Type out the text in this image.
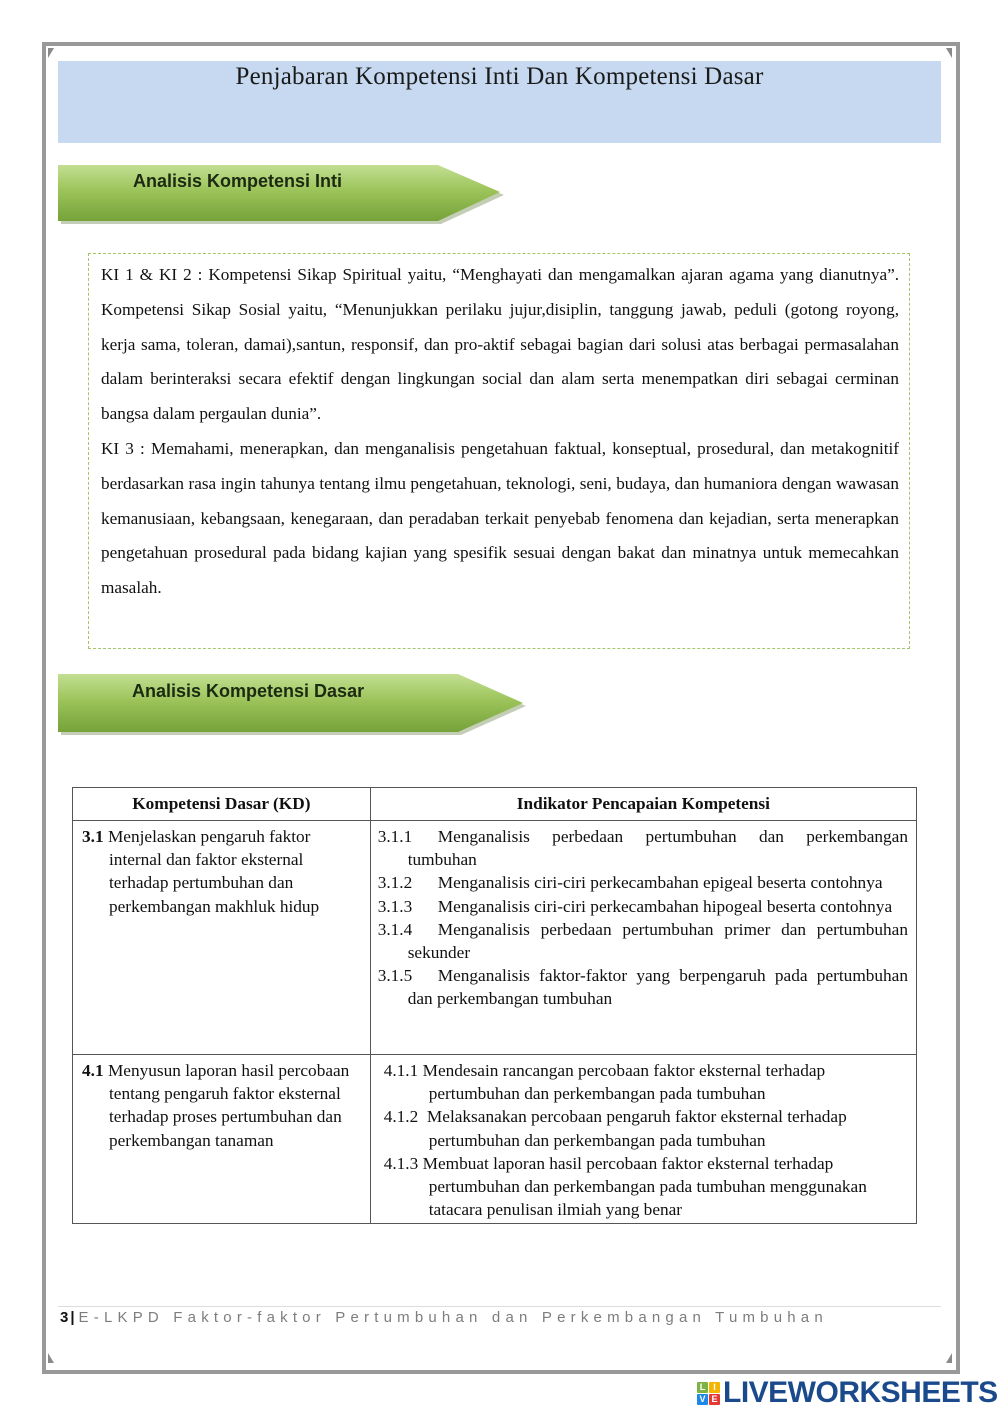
Penjabaran Kompetensi Inti Dan Kompetensi Dasar
Analisis Kompetensi Inti

KI 1 & KI 2 : Kompetensi Sikap Spiritual yaitu, “Menghayati dan mengamalkan ajaran agama yang dianutnya”. Kompetensi Sikap Sosial yaitu, “Menunjukkan perilaku jujur,disiplin, tanggung jawab, peduli (gotong royong, kerja sama, toleran, damai),santun, responsif, dan pro-aktif sebagai bagian dari solusi atas berbagai permasalahan dalam berinteraksi secara efektif dengan lingkungan social dan alam serta menempatkan diri sebagai cerminan bangsa dalam pergaulan dunia”.

KI 3 : Memahami, menerapkan, dan menganalisis pengetahuan faktual, konseptual, prosedural, dan metakognitif berdasarkan rasa ingin tahunya tentang ilmu pengetahuan, teknologi, seni, budaya, dan humaniora dengan wawasan kemanusiaan, kebangsaan, kenegaraan, dan peradaban terkait penyebab fenomena dan kejadian, serta menerapkan pengetahuan prosedural pada bidang kajian yang spesifik sesuai dengan bakat dan minatnya untuk memecahkan masalah.

Analisis Kompetensi Dasar
Kompetensi Dasar (KD)	Indikator Pencapaian Kompetensi

3.1 Menjelaskan pengaruh faktor internal dan faktor eksternal terhadap pertumbuhan dan perkembangan makhluk hidup	3.1.1 Menganalisis perbedaan pertumbuhan dan perkembangan tumbuhan
3.1.2 Menganalisis ciri-ciri perkecambahan epigeal beserta contohnya
3.1.3 Menganalisis ciri-ciri perkecambahan hipogeal beserta contohnya
3.1.4 Menganalisis perbedaan pertumbuhan primer dan pertumbuhan sekunder
3.1.5 Menganalisis faktor-faktor yang berpengaruh pada pertumbuhan dan perkembangan tumbuhan

4.1 Menyusun laporan hasil percobaan tentang pengaruh faktor eksternal terhadap proses pertumbuhan dan perkembangan tanaman	4.1.1 Mendesain rancangan percobaan faktor eksternal terhadap pertumbuhan dan perkembangan pada tumbuhan
4.1.2 Melaksanakan percobaan pengaruh faktor eksternal terhadap pertumbuhan dan perkembangan pada tumbuhan
4.1.3 Membuat laporan hasil percobaan faktor eksternal terhadap pertumbuhan dan perkembangan pada tumbuhan menggunakan tatacara penulisan ilmiah yang benar
3 | E-LKPD Faktor-faktor Pertumbuhan dan Perkembangan Tumbuhan
L I
V E LIVEWORKSHEETS
